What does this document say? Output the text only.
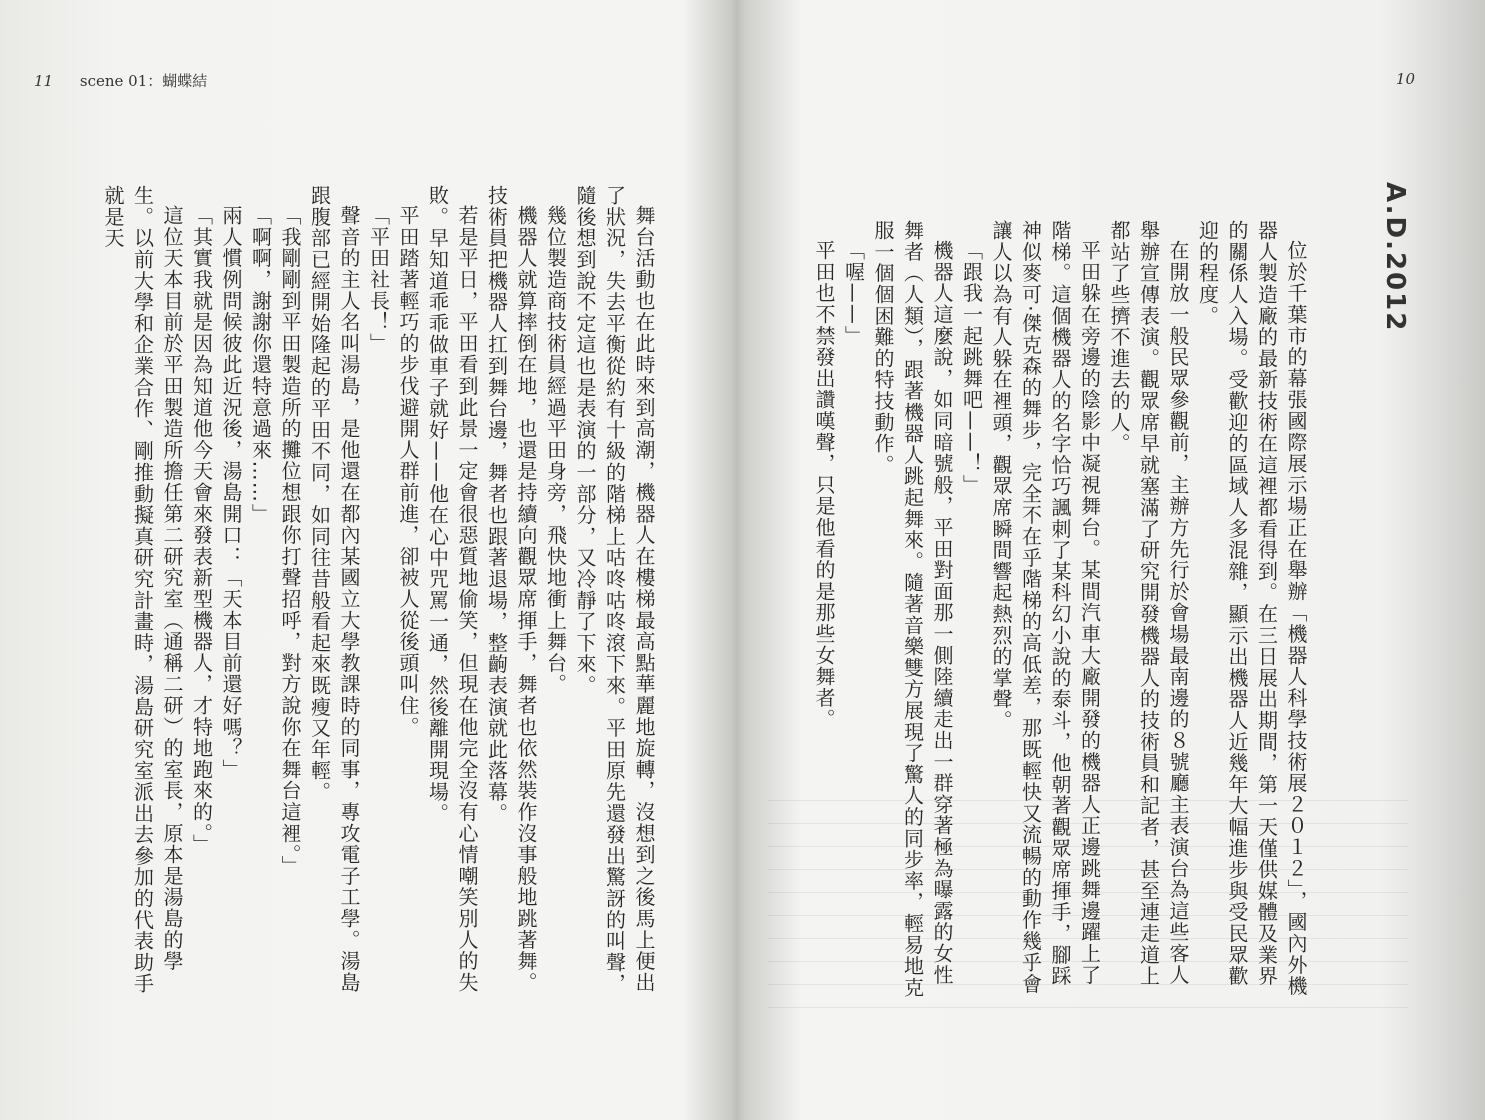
11 scene 01：蝴蝶結

舞台活動也在此時來到高潮，機器人在樓梯最高點華麗地旋轉，沒想到之後馬上便出了狀況，失去平衡從約有十級的階梯上咕咚咕咚滾下來。平田原先還發出驚訝的叫聲，隨後想到說不定這也是表演的一部分，又冷靜了下來。

幾位製造商技術員經過平田身旁，飛快地衝上舞台。

機器人就算摔倒在地，也還是持續向觀眾席揮手，舞者也依然裝作沒事般地跳著舞。技術員把機器人扛到舞台邊，舞者也跟著退場，整齣表演就此落幕。

若是平日，平田看到此景一定會很惡質地偷笑，但現在他完全沒有心情嘲笑別人的失敗。早知道乖乖做車子就好——他在心中咒罵一通，然後離開現場。

平田踏著輕巧的步伐避開人群前進，卻被人從後頭叫住。

「平田社長！」

聲音的主人名叫湯島，是他還在都內某國立大學教課時的同事，專攻電子工學。湯島跟腹部已經開始隆起的平田不同，如同往昔般看起來既瘦又年輕。

「我剛剛到平田製造所的攤位想跟你打聲招呼，對方說你在舞台這裡。」

「啊啊，謝謝你還特意過來……」

兩人慣例問候彼此近況後，湯島開口：「天本目前還好嗎？」

「其實我就是因為知道他今天會來發表新型機器人，才特地跑來的。」

這位天本目前於平田製造所擔任第二研究室（通稱二研）的室長，原本是湯島的學生。以前大學和企業合作、剛推動擬真研究計畫時，湯島研究室派出去參加的代表助手就是天

10
A.D.2012

位於千葉市的幕張國際展示場正在舉辦「機器人科學技術展２０１２」，國內外機器人製造廠的最新技術在這裡都看得到。在三日展出期間，第一天僅供媒體及業界的關係人入場。受歡迎的區域人多混雜，顯示出機器人近幾年大幅進步與受民眾歡迎的程度。

在開放一般民眾參觀前，主辦方先行於會場最南邊的８號廳主表演台為這些客人舉辦宣傳表演。觀眾席早就塞滿了研究開發機器人的技術員和記者，甚至連走道上都站了些擠不進去的人。

平田躲在旁邊的陰影中凝視舞台。某間汽車大廠開發的機器人正邊跳舞邊躍上了階梯。這個機器人的名字恰巧諷刺了某科幻小說的泰斗，他朝著觀眾席揮手，腳踩神似麥可·傑克森的舞步，完全不在乎階梯的高低差，那既輕快又流暢的動作幾乎會讓人以為有人躲在裡頭，觀眾席瞬間響起熱烈的掌聲。

「跟我一起跳舞吧——！」

機器人這麼說，如同暗號般，平田對面那一側陸續走出一群穿著極為曝露的女性舞者（人類），跟著機器人跳起舞來。隨著音樂雙方展現了驚人的同步率，輕易地克服一個個困難的特技動作。

「喔——」

平田也不禁發出讚嘆聲，只是他看的是那些女舞者。
